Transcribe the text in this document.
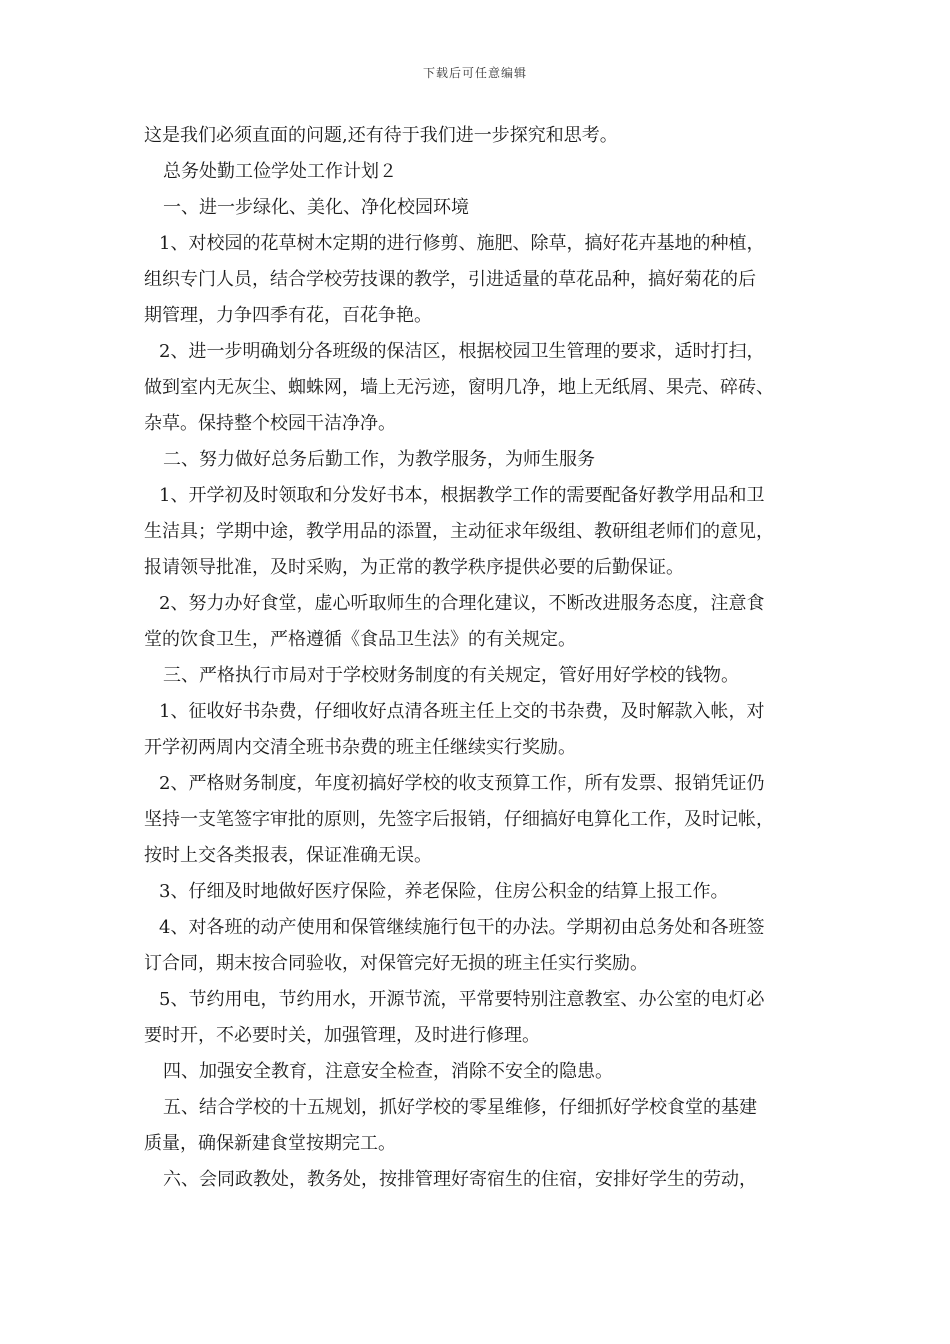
下载后可任意编辑
这是我们必须直面的问题,还有待于我们进一步探究和思考。
总务处勤工俭学处工作计划２
一、进一步绿化、美化、净化校园环境
1、对校园的花草树木定期的进行修剪、施肥、除草，搞好花卉基地的种植，
组织专门人员，结合学校劳技课的教学，引进适量的草花品种，搞好菊花的后
期管理，力争四季有花，百花争艳。
2、进一步明确划分各班级的保洁区，根据校园卫生管理的要求，适时打扫，
做到室内无灰尘、蜘蛛网，墙上无污迹，窗明几净，地上无纸屑、果壳、碎砖、
杂草。保持整个校园干洁净净。
二、努力做好总务后勤工作，为教学服务，为师生服务
1、开学初及时领取和分发好书本，根据教学工作的需要配备好教学用品和卫
生洁具；学期中途，教学用品的添置，主动征求年级组、教研组老师们的意见，
报请领导批准，及时采购，为正常的教学秩序提供必要的后勤保证。
2、努力办好食堂，虚心听取师生的合理化建议，不断改进服务态度，注意食
堂的饮食卫生，严格遵循《食品卫生法》的有关规定。
三、严格执行市局对于学校财务制度的有关规定，管好用好学校的钱物。
1、征收好书杂费，仔细收好点清各班主任上交的书杂费，及时解款入帐，对
开学初两周内交清全班书杂费的班主任继续实行奖励。
2、严格财务制度，年度初搞好学校的收支预算工作，所有发票、报销凭证仍
坚持一支笔签字审批的原则，先签字后报销，仔细搞好电算化工作，及时记帐，
按时上交各类报表，保证准确无误。
3、仔细及时地做好医疗保险，养老保险，住房公积金的结算上报工作。
4、对各班的动产使用和保管继续施行包干的办法。学期初由总务处和各班签
订合同，期末按合同验收，对保管完好无损的班主任实行奖励。
5、节约用电，节约用水，开源节流，平常要特别注意教室、办公室的电灯必
要时开，不必要时关，加强管理，及时进行修理。
四、加强安全教育，注意安全检查，消除不安全的隐患。
五、结合学校的十五规划，抓好学校的零星维修，仔细抓好学校食堂的基建
质量，确保新建食堂按期完工。
六、会同政教处，教务处，按排管理好寄宿生的住宿，安排好学生的劳动，
